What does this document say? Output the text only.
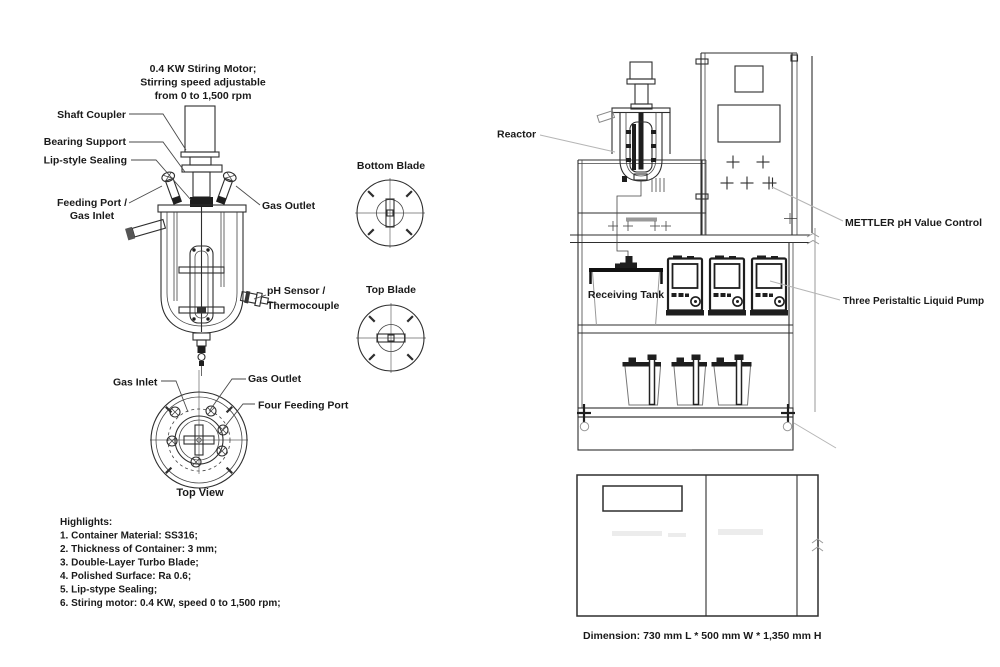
0.4 KW Stiring Motor;
Stirring speed adjustable
from 0 to 1,500 rpm
Shaft Coupler
Bearing Support
Lip-style Sealing
Feeding Port /
Gas Inlet
Gas Outlet
pH Sensor /
Thermocouple
Gas Inlet	Gas Outlet
Four Feeding Port
Top View
Bottom Blade
Top Blade
Highlights:
1. Container Material: SS316;
2. Thickness of Container: 3 mm;
3. Double-Layer Turbo Blade;
4. Polished Surface: Ra 0.6;
5. Lip-stype Sealing;
6. Stiring motor: 0.4 KW, speed 0 to 1,500 rpm;
Receiving Tank
Reactor
METTLER pH Value Control
Three Peristaltic Liquid Pump
Dimension: 730 mm L * 500 mm W * 1,350 mm H
